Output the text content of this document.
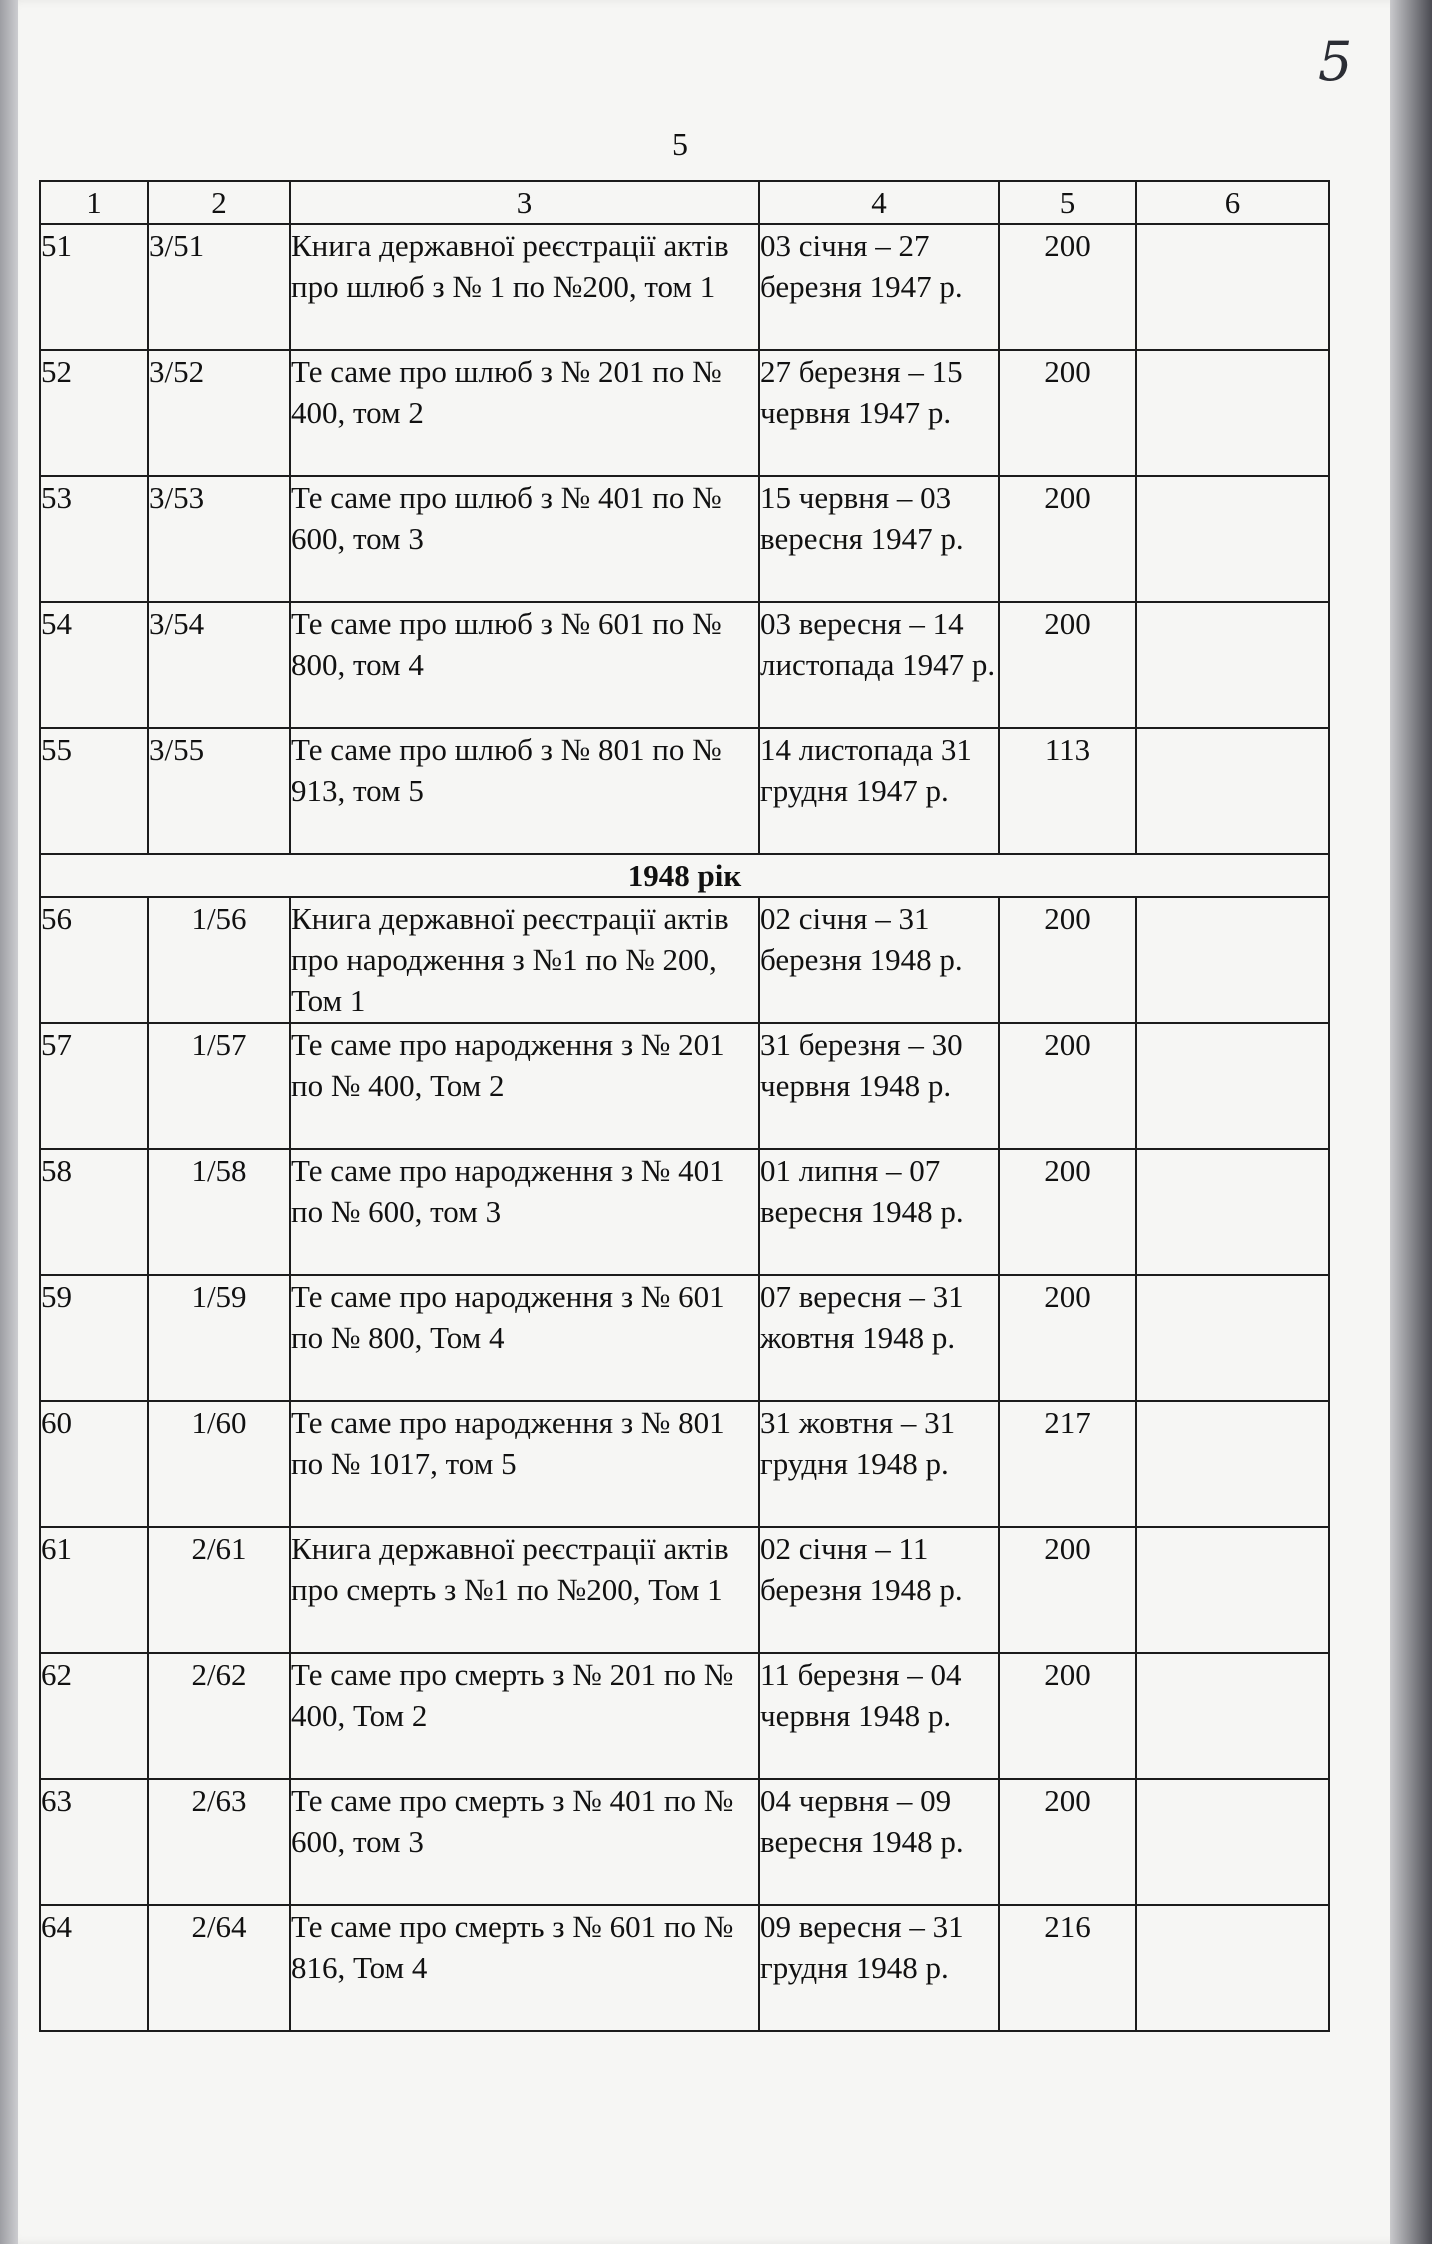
5
5
1	2	3	4	5	6
51	3/51	Книга державної реєстрації актів про шлюб з № 1 по №200, том 1	03 січня – 27 березня 1947 р.	200	
52	3/52	Те саме про шлюб з № 201 по № 400, том 2	27 березня – 15 червня 1947 р.	200	
53	3/53	Те саме про шлюб з № 401 по № 600, том 3	15 червня – 03 вересня 1947 р.	200	
54	3/54	Те саме про шлюб з № 601 по № 800, том 4	03 вересня – 14 листопада 1947 р.	200	
55	3/55	Те саме про шлюб з № 801 по № 913, том 5	14 листопада 31 грудня 1947 р.	113	
1948 рік					
56	1/56	Книга державної реєстрації актів про народження з №1 по № 200, Том 1	02 січня – 31 березня 1948 р.	200	
57	1/57	Те саме про народження з № 201 по № 400, Том 2	31 березня – 30 червня 1948 р.	200	
58	1/58	Те саме про народження з № 401 по № 600, том 3	01 липня – 07 вересня 1948 р.	200	
59	1/59	Те саме про народження з № 601 по № 800, Том 4	07 вересня – 31 жовтня 1948 р.	200	
60	1/60	Те саме про народження з № 801 по № 1017, том 5	31 жовтня – 31 грудня 1948 р.	217	
61	2/61	Книга державної реєстрації актів про смерть з №1 по №200, Том 1	02 січня – 11 березня 1948 р.	200	
62	2/62	Те саме про смерть з № 201 по № 400, Том 2	11 березня – 04 червня 1948 р.	200	
63	2/63	Те саме про смерть з № 401 по № 600, том 3	04 червня – 09 вересня 1948 р.	200	
64	2/64	Те саме про смерть з № 601 по № 816, Том 4	09 вересня – 31 грудня 1948 р.	216	
